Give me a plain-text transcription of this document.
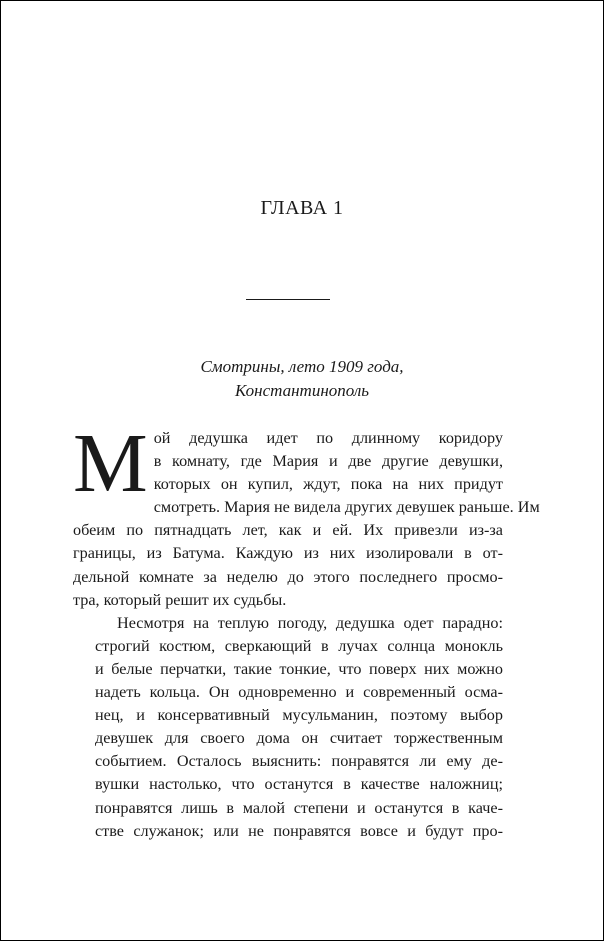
ГЛАВА 1
Смотрины, лето 1909 года,
Константинополь

М ой дедушка идет по длинному коридору
в комнату, где Мария и две другие девушки,
которых он купил, ждут, пока на них придут
смотреть. Мария не видела других девушек раньше. Им
обеим по пятнадцать лет, как и ей. Их привезли из-за
границы, из Батума. Каждую из них изолировали в от-
дельной комнате за неделю до этого последнего просмо-
тра, который решит их судьбы.

Несмотря на теплую погоду, дедушка одет парадно:
строгий костюм, сверкающий в лучах солнца монокль
и белые перчатки, такие тонкие, что поверх них можно
надеть кольца. Он одновременно и современный осма-
нец, и консервативный мусульманин, поэтому выбор
девушек для своего дома он считает торжественным
событием. Осталось выяснить: понравятся ли ему де-
вушки настолько, что останутся в качестве наложниц;
понравятся лишь в малой степени и останутся в каче-
стве служанок; или не понравятся вовсе и будут про-
